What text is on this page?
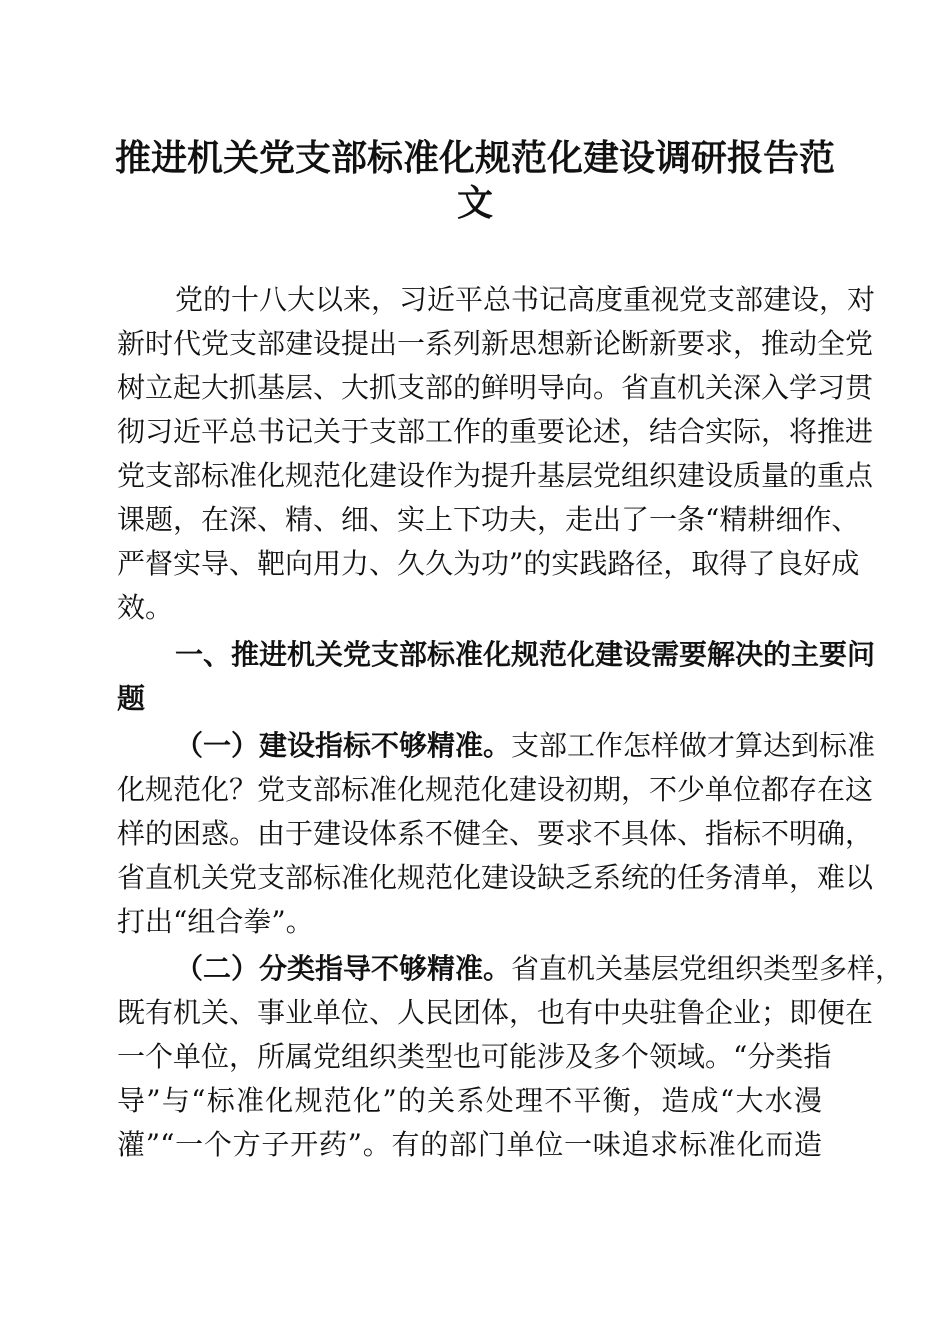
推进机关党支部标准化规范化建设调研报告范
文
党的十八大以来，习近平总书记高度重视党支部建设，对
新时代党支部建设提出一系列新思想新论断新要求，推动全党
树立起大抓基层、大抓支部的鲜明导向。省直机关深入学习贯
彻习近平总书记关于支部工作的重要论述，结合实际，将推进
党支部标准化规范化建设作为提升基层党组织建设质量的重点
课题，在深、精、细、实上下功夫，走出了一条“精耕细作、
严督实导、靶向用力、久久为功”的实践路径，取得了良好成
效。
一、推进机关党支部标准化规范化建设需要解决的主要问
题
（一）建设指标不够精准。支部工作怎样做才算达到标准
化规范化？党支部标准化规范化建设初期，不少单位都存在这
样的困惑。由于建设体系不健全、要求不具体、指标不明确，
省直机关党支部标准化规范化建设缺乏系统的任务清单，难以
打出“组合拳”。
（二）分类指导不够精准。省直机关基层党组织类型多样，
既有机关、事业单位、人民团体，也有中央驻鲁企业；即便在
一个单位，所属党组织类型也可能涉及多个领域。“分类指
导”与“标准化规范化”的关系处理不平衡，造成“大水漫
灌”“一个方子开药”。有的部门单位一味追求标准化而造
